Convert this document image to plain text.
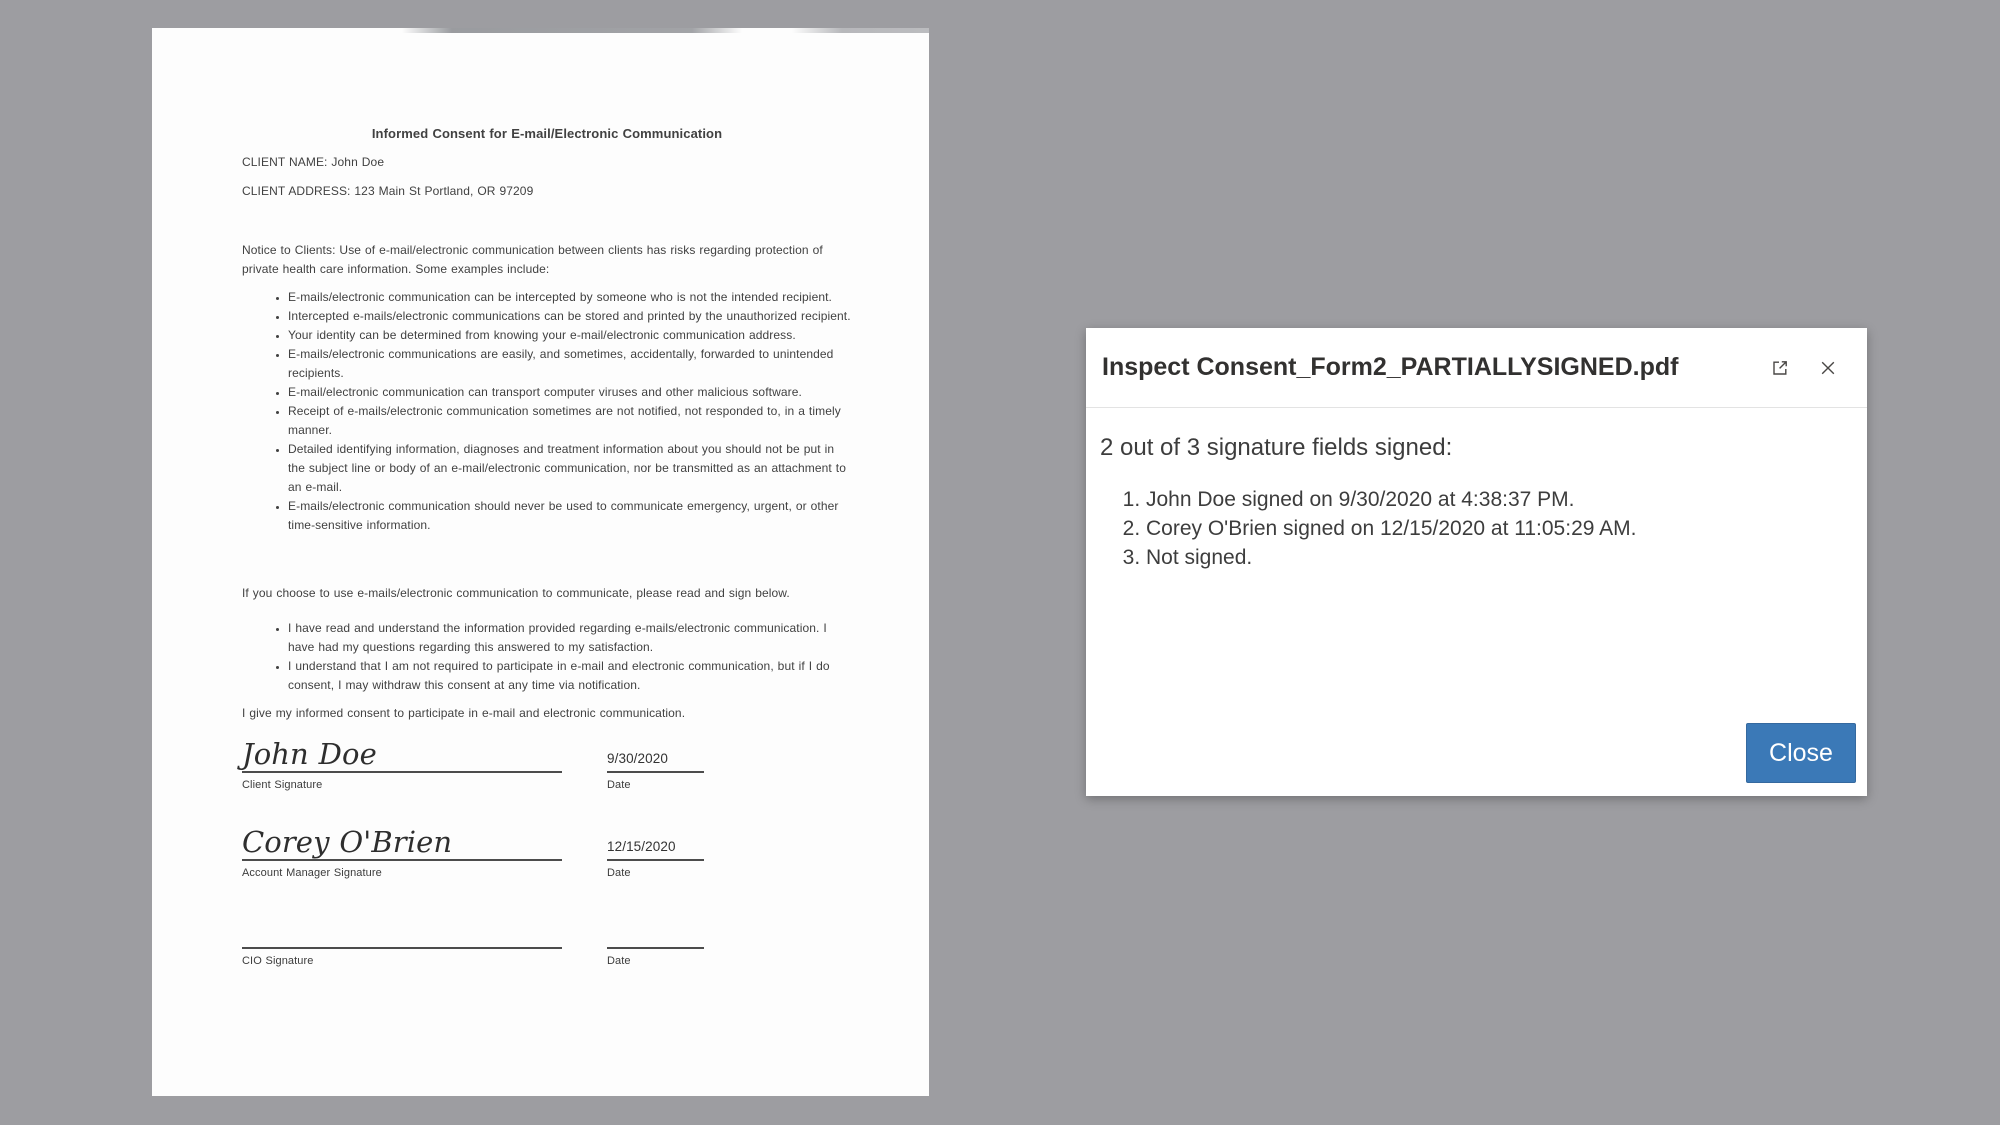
Informed Consent for E-mail/Electronic Communication

CLIENT NAME: John Doe
CLIENT ADDRESS: 123 Main St Portland, OR 97209
Notice to Clients: Use of e-mail/electronic communication between clients has risks regarding protection of private health care information. Some examples include:
• E-mails/electronic communication can be intercepted by someone who is not the intended recipient.
• Intercepted e-mails/electronic communications can be stored and printed by the unauthorized recipient.
• Your identity can be determined from knowing your e-mail/electronic communication address.
• E-mails/electronic communications are easily, and sometimes, accidentally, forwarded to unintended recipients.
• E-mail/electronic communication can transport computer viruses and other malicious software.
• Receipt of e-mails/electronic communication sometimes are not notified, not responded to, in a timely manner.
• Detailed identifying information, diagnoses and treatment information about you should not be put in the subject line or body of an e-mail/electronic communication, nor be transmitted as an attachment to an e-mail.
• E-mails/electronic communication should never be used to communicate emergency, urgent, or other time-sensitive information.
If you choose to use e-mails/electronic communication to communicate, please read and sign below.
• I have read and understand the information provided regarding e-mails/electronic communication. I have had my questions regarding this answered to my satisfaction.
• I understand that I am not required to participate in e-mail and electronic communication, but if I do consent, I may withdraw this consent at any time via notification.
I give my informed consent to participate in e-mail and electronic communication.
John Doe
Client Signature
9/30/2020
Date
Corey O'Brien
Account Manager Signature
12/15/2020
Date
CIO Signature	Date
Inspect Consent_Form2_PARTIALLYSIGNED.pdf
2 out of 3 signature fields signed:
1. John Doe signed on 9/30/2020 at 4:38:37 PM.
2. Corey O'Brien signed on 12/15/2020 at 11:05:29 AM.
3. Not signed.
Close
